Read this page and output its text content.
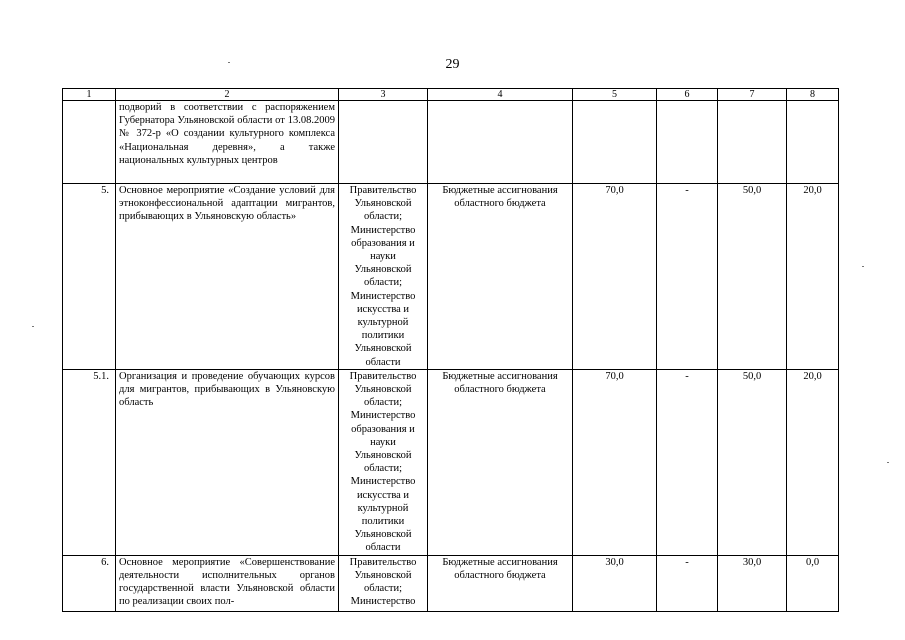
29
1	2	3	4	5	6	7	8
	подворий в соответствии с распоряжением Губернатора Ульяновской области от 13.08.2009 № 372-р «О создании культурного комплекса «Национальная деревня», а также национальных культурных центров						
5.	Основное мероприятие «Создание условий для этноконфессиональной адаптации мигрантов, прибывающих в Ульяновскую область»	Правительство Ульяновской области; Министерство образования и науки Ульяновской области; Министерство искусства и культурной политики Ульяновской области	Бюджетные ассигнования областного бюджета	70,0	-	50,0	20,0
5.1.	Организация и проведение обучающих курсов для мигрантов, прибывающих в Ульяновскую область	Правительство Ульяновской области; Министерство образования и науки Ульяновской области; Министерство искусства и культурной политики Ульяновской области	Бюджетные ассигнования областного бюджета	70,0	-	50,0	20,0
6.	Основное мероприятие «Совершенствование деятельности исполнительных органов государственной власти Ульяновской области по реализации своих пол-	Правительство Ульяновской области; Министерство	Бюджетные ассигнования областного бюджета	30,0	-	30,0	0,0
